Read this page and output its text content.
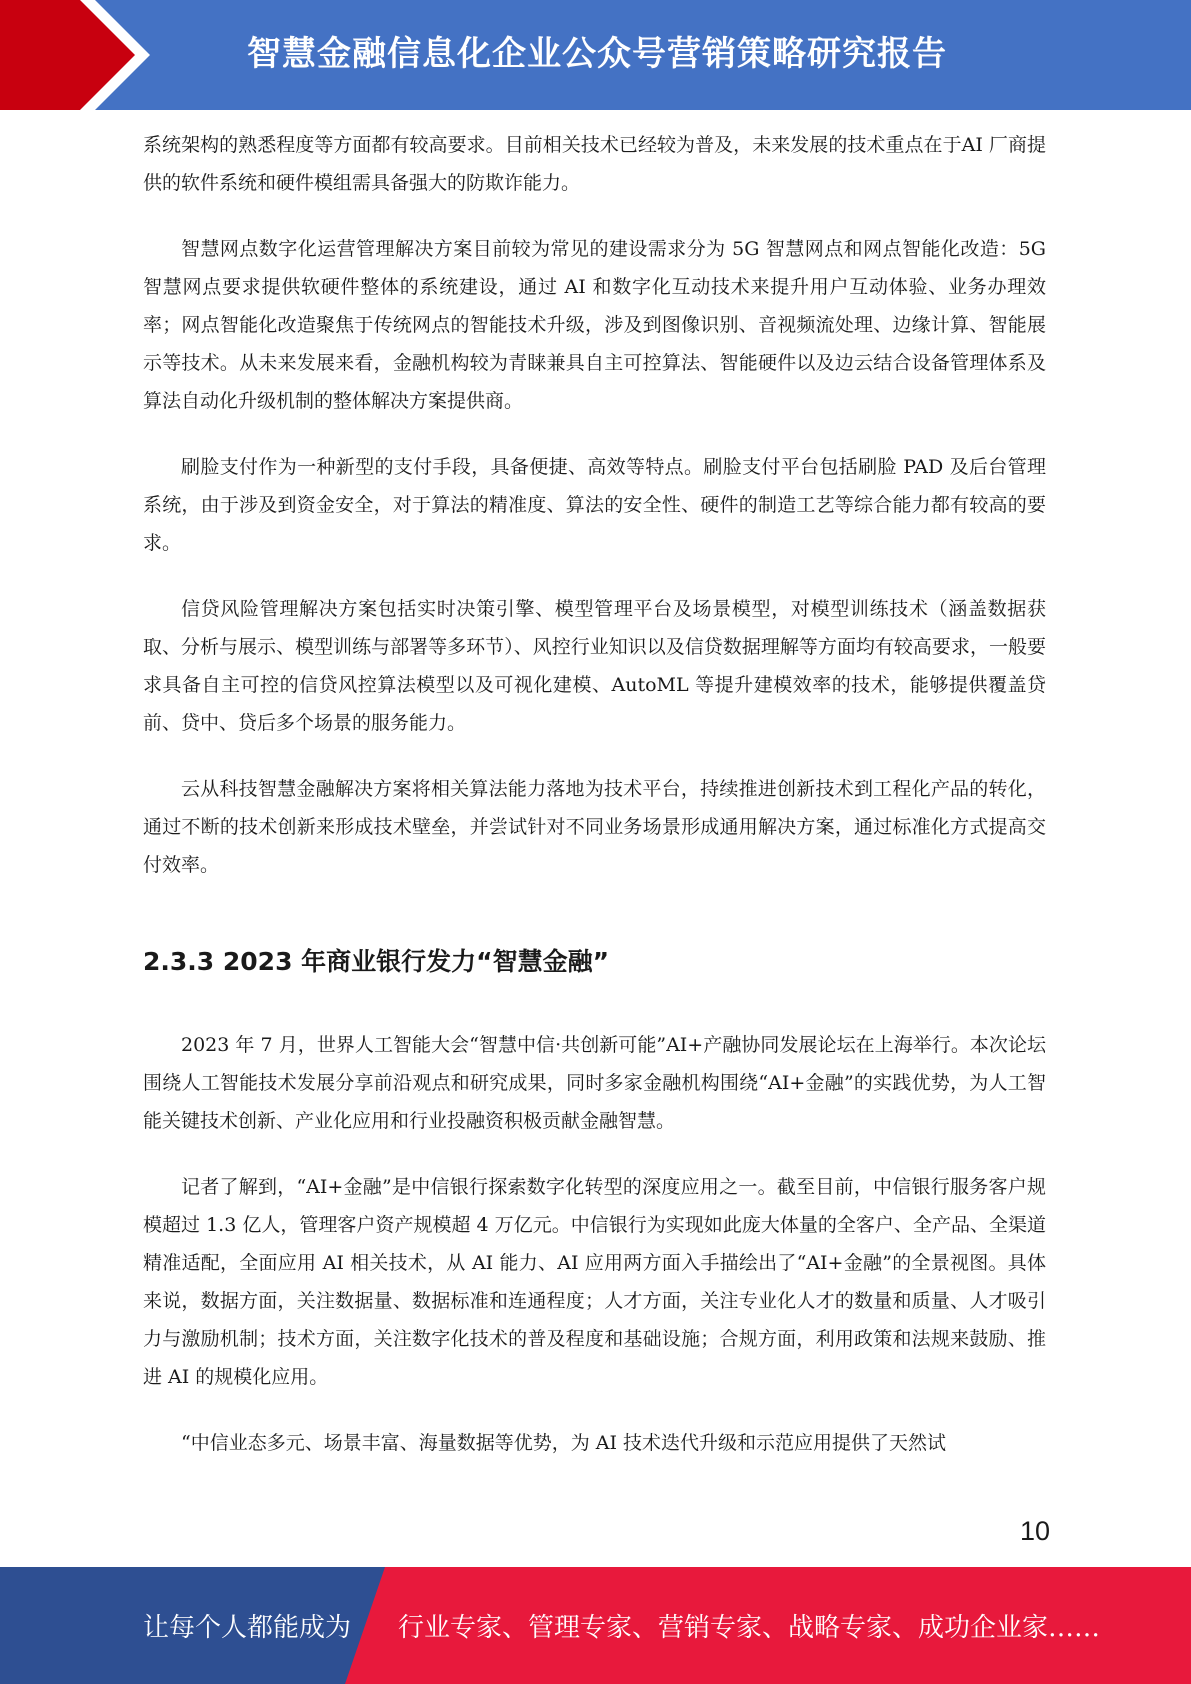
智慧金融信息化企业公众号营销策略研究报告

系统架构的熟悉程度等方面都有较高要求。目前相关技术已经较为普及，未来发展的技术重点在于AI 厂商提供的软件系统和硬件模组需具备强大的防欺诈能力。

智慧网点数字化运营管理解决方案目前较为常见的建设需求分为 5G 智慧网点和网点智能化改造：5G 智慧网点要求提供软硬件整体的系统建设，通过 AI 和数字化互动技术来提升用户互动体验、业务办理效率；网点智能化改造聚焦于传统网点的智能技术升级，涉及到图像识别、音视频流处理、边缘计算、智能展示等技术。从未来发展来看，金融机构较为青睐兼具自主可控算法、智能硬件以及边云结合设备管理体系及算法自动化升级机制的整体解决方案提供商。

刷脸支付作为一种新型的支付手段，具备便捷、高效等特点。刷脸支付平台包括刷脸 PAD 及后台管理系统，由于涉及到资金安全，对于算法的精准度、算法的安全性、硬件的制造工艺等综合能力都有较高的要求。

信贷风险管理解决方案包括实时决策引擎、模型管理平台及场景模型，对模型训练技术（涵盖数据获取、分析与展示、模型训练与部署等多环节）、风控行业知识以及信贷数据理解等方面均有较高要求，一般要求具备自主可控的信贷风控算法模型以及可视化建模、AutoML 等提升建模效率的技术，能够提供覆盖贷前、贷中、贷后多个场景的服务能力。

云从科技智慧金融解决方案将相关算法能力落地为技术平台，持续推进创新技术到工程化产品的转化，通过不断的技术创新来形成技术壁垒，并尝试针对不同业务场景形成通用解决方案，通过标准化方式提高交付效率。

2.3.3 2023 年商业银行发力“智慧金融”

2023 年 7 月，世界人工智能大会“智慧中信·共创新可能”AI+产融协同发展论坛在上海举行。本次论坛围绕人工智能技术发展分享前沿观点和研究成果，同时多家金融机构围绕“AI+金融”的实践优势，为人工智能关键技术创新、产业化应用和行业投融资积极贡献金融智慧。

记者了解到，“AI+金融”是中信银行探索数字化转型的深度应用之一。截至目前，中信银行服务客户规模超过 1.3 亿人，管理客户资产规模超 4 万亿元。中信银行为实现如此庞大体量的全客户、全产品、全渠道精准适配，全面应用 AI 相关技术，从 AI 能力、AI 应用两方面入手描绘出了“AI+金融”的全景视图。具体来说，数据方面，关注数据量、数据标准和连通程度；人才方面，关注专业化人才的数量和质量、人才吸引力与激励机制；技术方面，关注数字化技术的普及程度和基础设施；合规方面，利用政策和法规来鼓励、推进 AI 的规模化应用。

“中信业态多元、场景丰富、海量数据等优势，为 AI 技术迭代升级和示范应用提供了天然试

10
让每个人都能成为 行业专家、管理专家、营销专家、战略专家、成功企业家……
